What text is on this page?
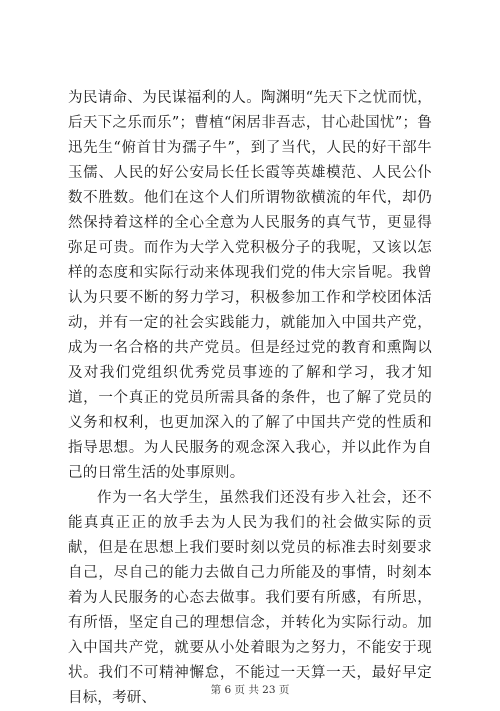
为民请命、为民谋福利的人。陶渊明“先天下之忧而忧，后天下之乐而乐”；曹植“闲居非吾志，甘心赴国忧”；鲁迅先生“俯首甘为孺子牛”，到了当代，人民的好干部牛玉儒、人民的好公安局长任长霞等英雄模范、人民公仆数不胜数。他们在这个人们所谓物欲横流的年代，却仍然保持着这样的全心全意为人民服务的真气节，更显得弥足可贵。而作为大学入党积极分子的我呢，又该以怎样的态度和实际行动来体现我们党的伟大宗旨呢。我曾认为只要不断的努力学习，积极参加工作和学校团体活动，并有一定的社会实践能力，就能加入中国共产党，成为一名合格的共产党员。但是经过党的教育和熏陶以及对我们党组织优秀党员事迹的了解和学习，我才知道，一个真正的党员所需具备的条件，也了解了党员的义务和权利，也更加深入的了解了中国共产党的性质和指导思想。为人民服务的观念深入我心，并以此作为自己的日常生活的处事原则。

作为一名大学生，虽然我们还没有步入社会，还不能真真正正的放手去为人民为我们的社会做实际的贡献，但是在思想上我们要时刻以党员的标准去时刻要求自己，尽自己的能力去做自己力所能及的事情，时刻本着为人民服务的心态去做事。我们要有所感，有所思，有所悟，坚定自己的理想信念，并转化为实际行动。加入中国共产党，就要从小处着眼为之努力，不能安于现状。我们不可精神懈怠，不能过一天算一天，最好早定目标，考研、	第 6 页 共 23 页
